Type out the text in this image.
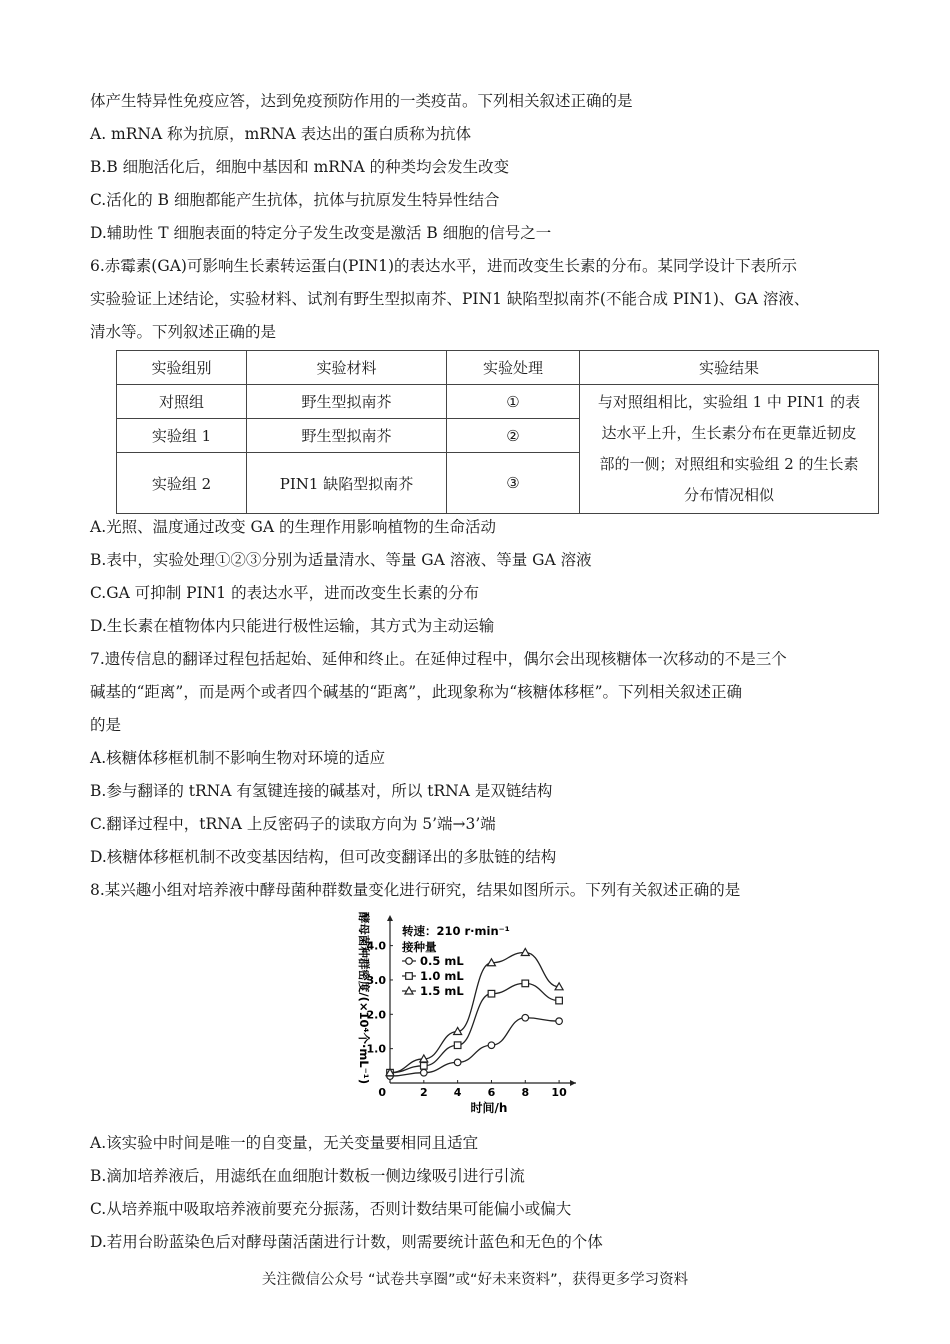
体产生特异性免疫应答，达到免疫预防作用的一类疫苗。下列相关叙述正确的是
A. mRNA 称为抗原，mRNA 表达出的蛋白质称为抗体
B.B 细胞活化后，细胞中基因和 mRNA 的种类均会发生改变
C.活化的 B 细胞都能产生抗体，抗体与抗原发生特异性结合
D.辅助性 T 细胞表面的特定分子发生改变是激活 B 细胞的信号之一
6.赤霉素(GA)可影响生长素转运蛋白(PIN1)的表达水平，进而改变生长素的分布。某同学设计下表所示
实验验证上述结论，实验材料、试剂有野生型拟南芥、PIN1 缺陷型拟南芥(不能合成 PIN1)、GA 溶液、
清水等。下列叙述正确的是
实验组别	实验材料	实验处理	实验结果
对照组	野生型拟南芥	①	与对照组相比，实验组 1 中 PIN1 的表
达水平上升，生长素分布在更靠近韧皮
部的一侧；对照组和实验组 2 的生长素
分布情况相似

实验组 1	野生型拟南芥	②	
实验组 2	PIN1 缺陷型拟南芥	③	
A.光照、温度通过改变 GA 的生理作用影响植物的生命活动
B.表中，实验处理①②③分别为适量清水、等量 GA 溶液、等量 GA 溶液
C.GA 可抑制 PIN1 的表达水平，进而改变生长素的分布
D.生长素在植物体内只能进行极性运输，其方式为主动运输
7.遗传信息的翻译过程包括起始、延伸和终止。在延伸过程中，偶尔会出现核糖体一次移动的不是三个
碱基的“距离”，而是两个或者四个碱基的“距离”，此现象称为“核糖体移框”。下列相关叙述正确
的是
A.核糖体移框机制不影响生物对环境的适应
B.参与翻译的 tRNA 有氢键连接的碱基对，所以 tRNA 是双链结构
C.翻译过程中，tRNA 上反密码子的读取方向为 5’端→3’端
D.核糖体移框机制不改变基因结构，但可改变翻译出的多肽链的结构
8.某兴趣小组对培养液中酵母菌种群数量变化进行研究，结果如图所示。下列有关叙述正确的是
0	2 4 6 8 10
1.0
2.0
3.0
4.0
时间/h
酵母菌种群密度/(×10⁴个·mL⁻¹)	转速：210 r·min⁻¹
接种量
0.5 mL
1.0 mL
1.5 mL
A.该实验中时间是唯一的自变量，无关变量要相同且适宜
B.滴加培养液后，用滤纸在血细胞计数板一侧边缘吸引进行引流
C.从培养瓶中吸取培养液前要充分振荡，否则计数结果可能偏小或偏大
D.若用台盼蓝染色后对酵母菌活菌进行计数，则需要统计蓝色和无色的个体
关注微信公众号 “试卷共享圈”或“好未来资料”，获得更多学习资料
